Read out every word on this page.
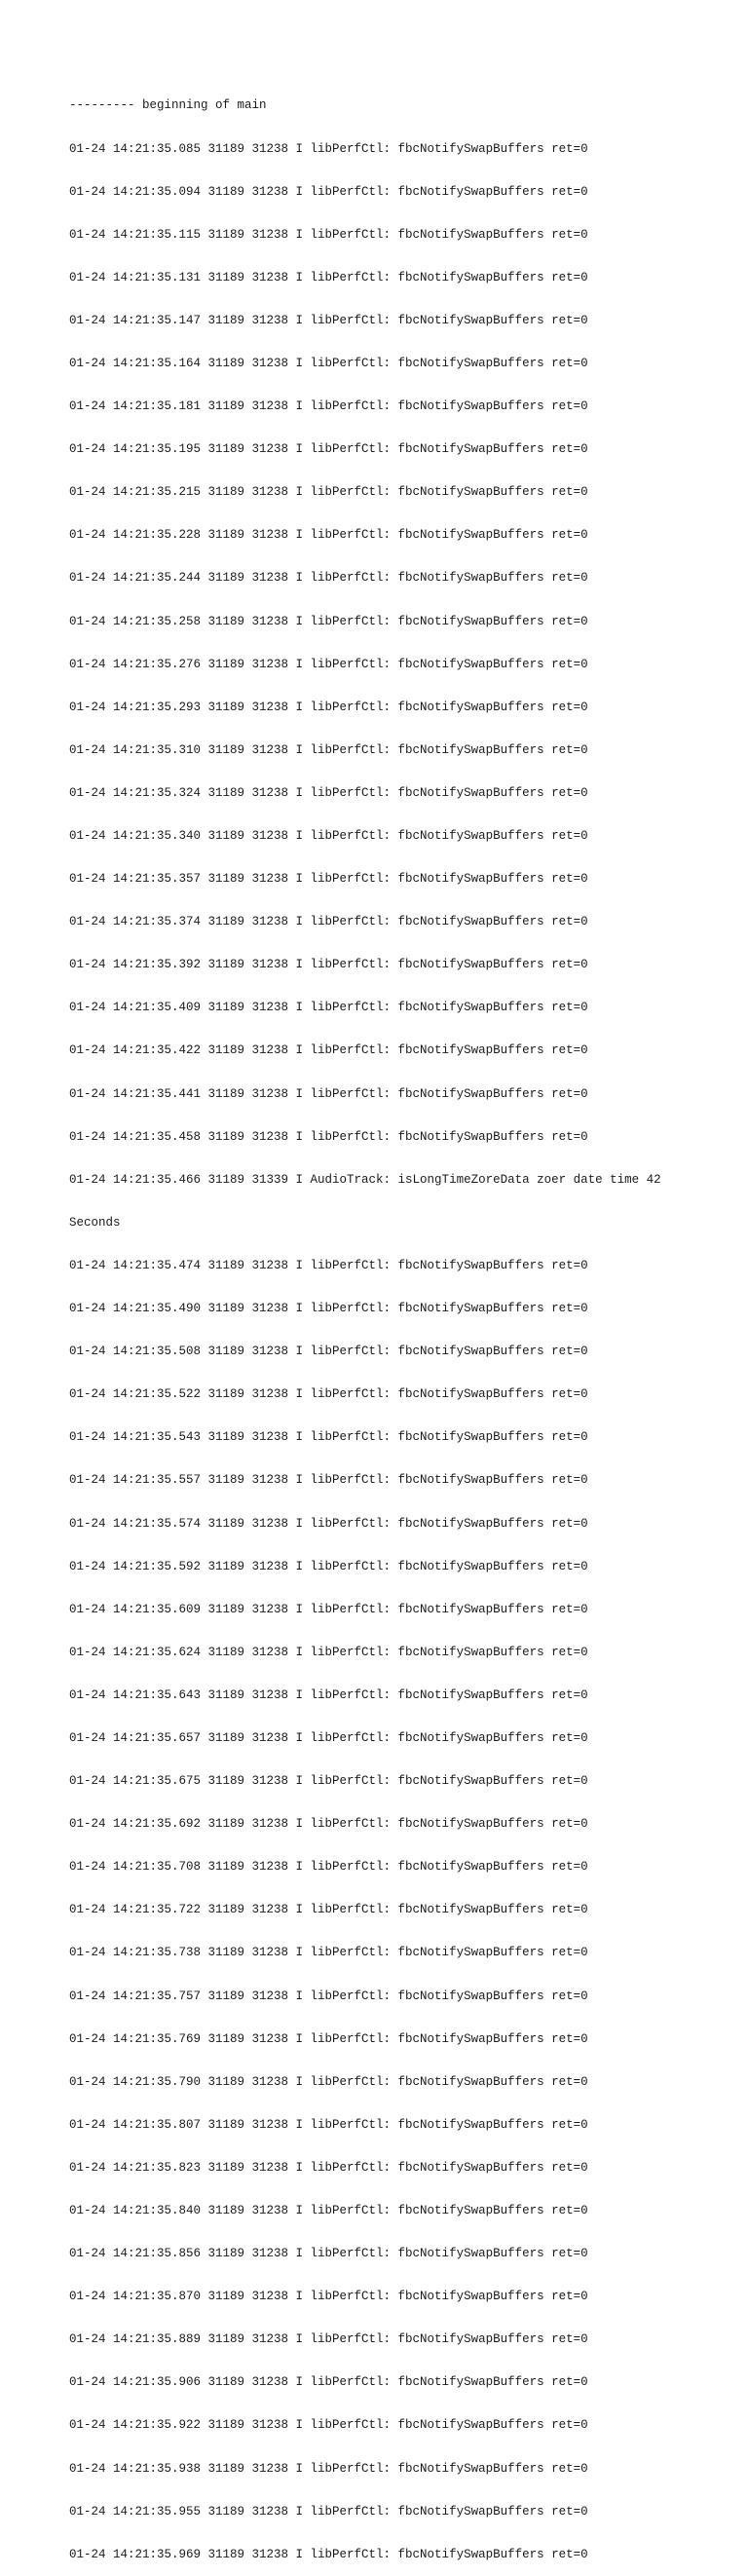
--------- beginning of main

01-24 14:21:35.085 31189 31238 I libPerfCtl: fbcNotifySwapBuffers ret=0

01-24 14:21:35.094 31189 31238 I libPerfCtl: fbcNotifySwapBuffers ret=0

01-24 14:21:35.115 31189 31238 I libPerfCtl: fbcNotifySwapBuffers ret=0

01-24 14:21:35.131 31189 31238 I libPerfCtl: fbcNotifySwapBuffers ret=0

01-24 14:21:35.147 31189 31238 I libPerfCtl: fbcNotifySwapBuffers ret=0

01-24 14:21:35.164 31189 31238 I libPerfCtl: fbcNotifySwapBuffers ret=0

01-24 14:21:35.181 31189 31238 I libPerfCtl: fbcNotifySwapBuffers ret=0

01-24 14:21:35.195 31189 31238 I libPerfCtl: fbcNotifySwapBuffers ret=0

01-24 14:21:35.215 31189 31238 I libPerfCtl: fbcNotifySwapBuffers ret=0

01-24 14:21:35.228 31189 31238 I libPerfCtl: fbcNotifySwapBuffers ret=0

01-24 14:21:35.244 31189 31238 I libPerfCtl: fbcNotifySwapBuffers ret=0

01-24 14:21:35.258 31189 31238 I libPerfCtl: fbcNotifySwapBuffers ret=0

01-24 14:21:35.276 31189 31238 I libPerfCtl: fbcNotifySwapBuffers ret=0

01-24 14:21:35.293 31189 31238 I libPerfCtl: fbcNotifySwapBuffers ret=0

01-24 14:21:35.310 31189 31238 I libPerfCtl: fbcNotifySwapBuffers ret=0

01-24 14:21:35.324 31189 31238 I libPerfCtl: fbcNotifySwapBuffers ret=0

01-24 14:21:35.340 31189 31238 I libPerfCtl: fbcNotifySwapBuffers ret=0

01-24 14:21:35.357 31189 31238 I libPerfCtl: fbcNotifySwapBuffers ret=0

01-24 14:21:35.374 31189 31238 I libPerfCtl: fbcNotifySwapBuffers ret=0

01-24 14:21:35.392 31189 31238 I libPerfCtl: fbcNotifySwapBuffers ret=0

01-24 14:21:35.409 31189 31238 I libPerfCtl: fbcNotifySwapBuffers ret=0

01-24 14:21:35.422 31189 31238 I libPerfCtl: fbcNotifySwapBuffers ret=0

01-24 14:21:35.441 31189 31238 I libPerfCtl: fbcNotifySwapBuffers ret=0

01-24 14:21:35.458 31189 31238 I libPerfCtl: fbcNotifySwapBuffers ret=0

01-24 14:21:35.466 31189 31339 I AudioTrack: isLongTimeZoreData zoer date time 42

Seconds

01-24 14:21:35.474 31189 31238 I libPerfCtl: fbcNotifySwapBuffers ret=0

01-24 14:21:35.490 31189 31238 I libPerfCtl: fbcNotifySwapBuffers ret=0

01-24 14:21:35.508 31189 31238 I libPerfCtl: fbcNotifySwapBuffers ret=0

01-24 14:21:35.522 31189 31238 I libPerfCtl: fbcNotifySwapBuffers ret=0

01-24 14:21:35.543 31189 31238 I libPerfCtl: fbcNotifySwapBuffers ret=0

01-24 14:21:35.557 31189 31238 I libPerfCtl: fbcNotifySwapBuffers ret=0

01-24 14:21:35.574 31189 31238 I libPerfCtl: fbcNotifySwapBuffers ret=0

01-24 14:21:35.592 31189 31238 I libPerfCtl: fbcNotifySwapBuffers ret=0

01-24 14:21:35.609 31189 31238 I libPerfCtl: fbcNotifySwapBuffers ret=0

01-24 14:21:35.624 31189 31238 I libPerfCtl: fbcNotifySwapBuffers ret=0

01-24 14:21:35.643 31189 31238 I libPerfCtl: fbcNotifySwapBuffers ret=0

01-24 14:21:35.657 31189 31238 I libPerfCtl: fbcNotifySwapBuffers ret=0

01-24 14:21:35.675 31189 31238 I libPerfCtl: fbcNotifySwapBuffers ret=0

01-24 14:21:35.692 31189 31238 I libPerfCtl: fbcNotifySwapBuffers ret=0

01-24 14:21:35.708 31189 31238 I libPerfCtl: fbcNotifySwapBuffers ret=0

01-24 14:21:35.722 31189 31238 I libPerfCtl: fbcNotifySwapBuffers ret=0

01-24 14:21:35.738 31189 31238 I libPerfCtl: fbcNotifySwapBuffers ret=0

01-24 14:21:35.757 31189 31238 I libPerfCtl: fbcNotifySwapBuffers ret=0

01-24 14:21:35.769 31189 31238 I libPerfCtl: fbcNotifySwapBuffers ret=0

01-24 14:21:35.790 31189 31238 I libPerfCtl: fbcNotifySwapBuffers ret=0

01-24 14:21:35.807 31189 31238 I libPerfCtl: fbcNotifySwapBuffers ret=0

01-24 14:21:35.823 31189 31238 I libPerfCtl: fbcNotifySwapBuffers ret=0

01-24 14:21:35.840 31189 31238 I libPerfCtl: fbcNotifySwapBuffers ret=0

01-24 14:21:35.856 31189 31238 I libPerfCtl: fbcNotifySwapBuffers ret=0

01-24 14:21:35.870 31189 31238 I libPerfCtl: fbcNotifySwapBuffers ret=0

01-24 14:21:35.889 31189 31238 I libPerfCtl: fbcNotifySwapBuffers ret=0

01-24 14:21:35.906 31189 31238 I libPerfCtl: fbcNotifySwapBuffers ret=0

01-24 14:21:35.922 31189 31238 I libPerfCtl: fbcNotifySwapBuffers ret=0

01-24 14:21:35.938 31189 31238 I libPerfCtl: fbcNotifySwapBuffers ret=0

01-24 14:21:35.955 31189 31238 I libPerfCtl: fbcNotifySwapBuffers ret=0

01-24 14:21:35.969 31189 31238 I libPerfCtl: fbcNotifySwapBuffers ret=0
